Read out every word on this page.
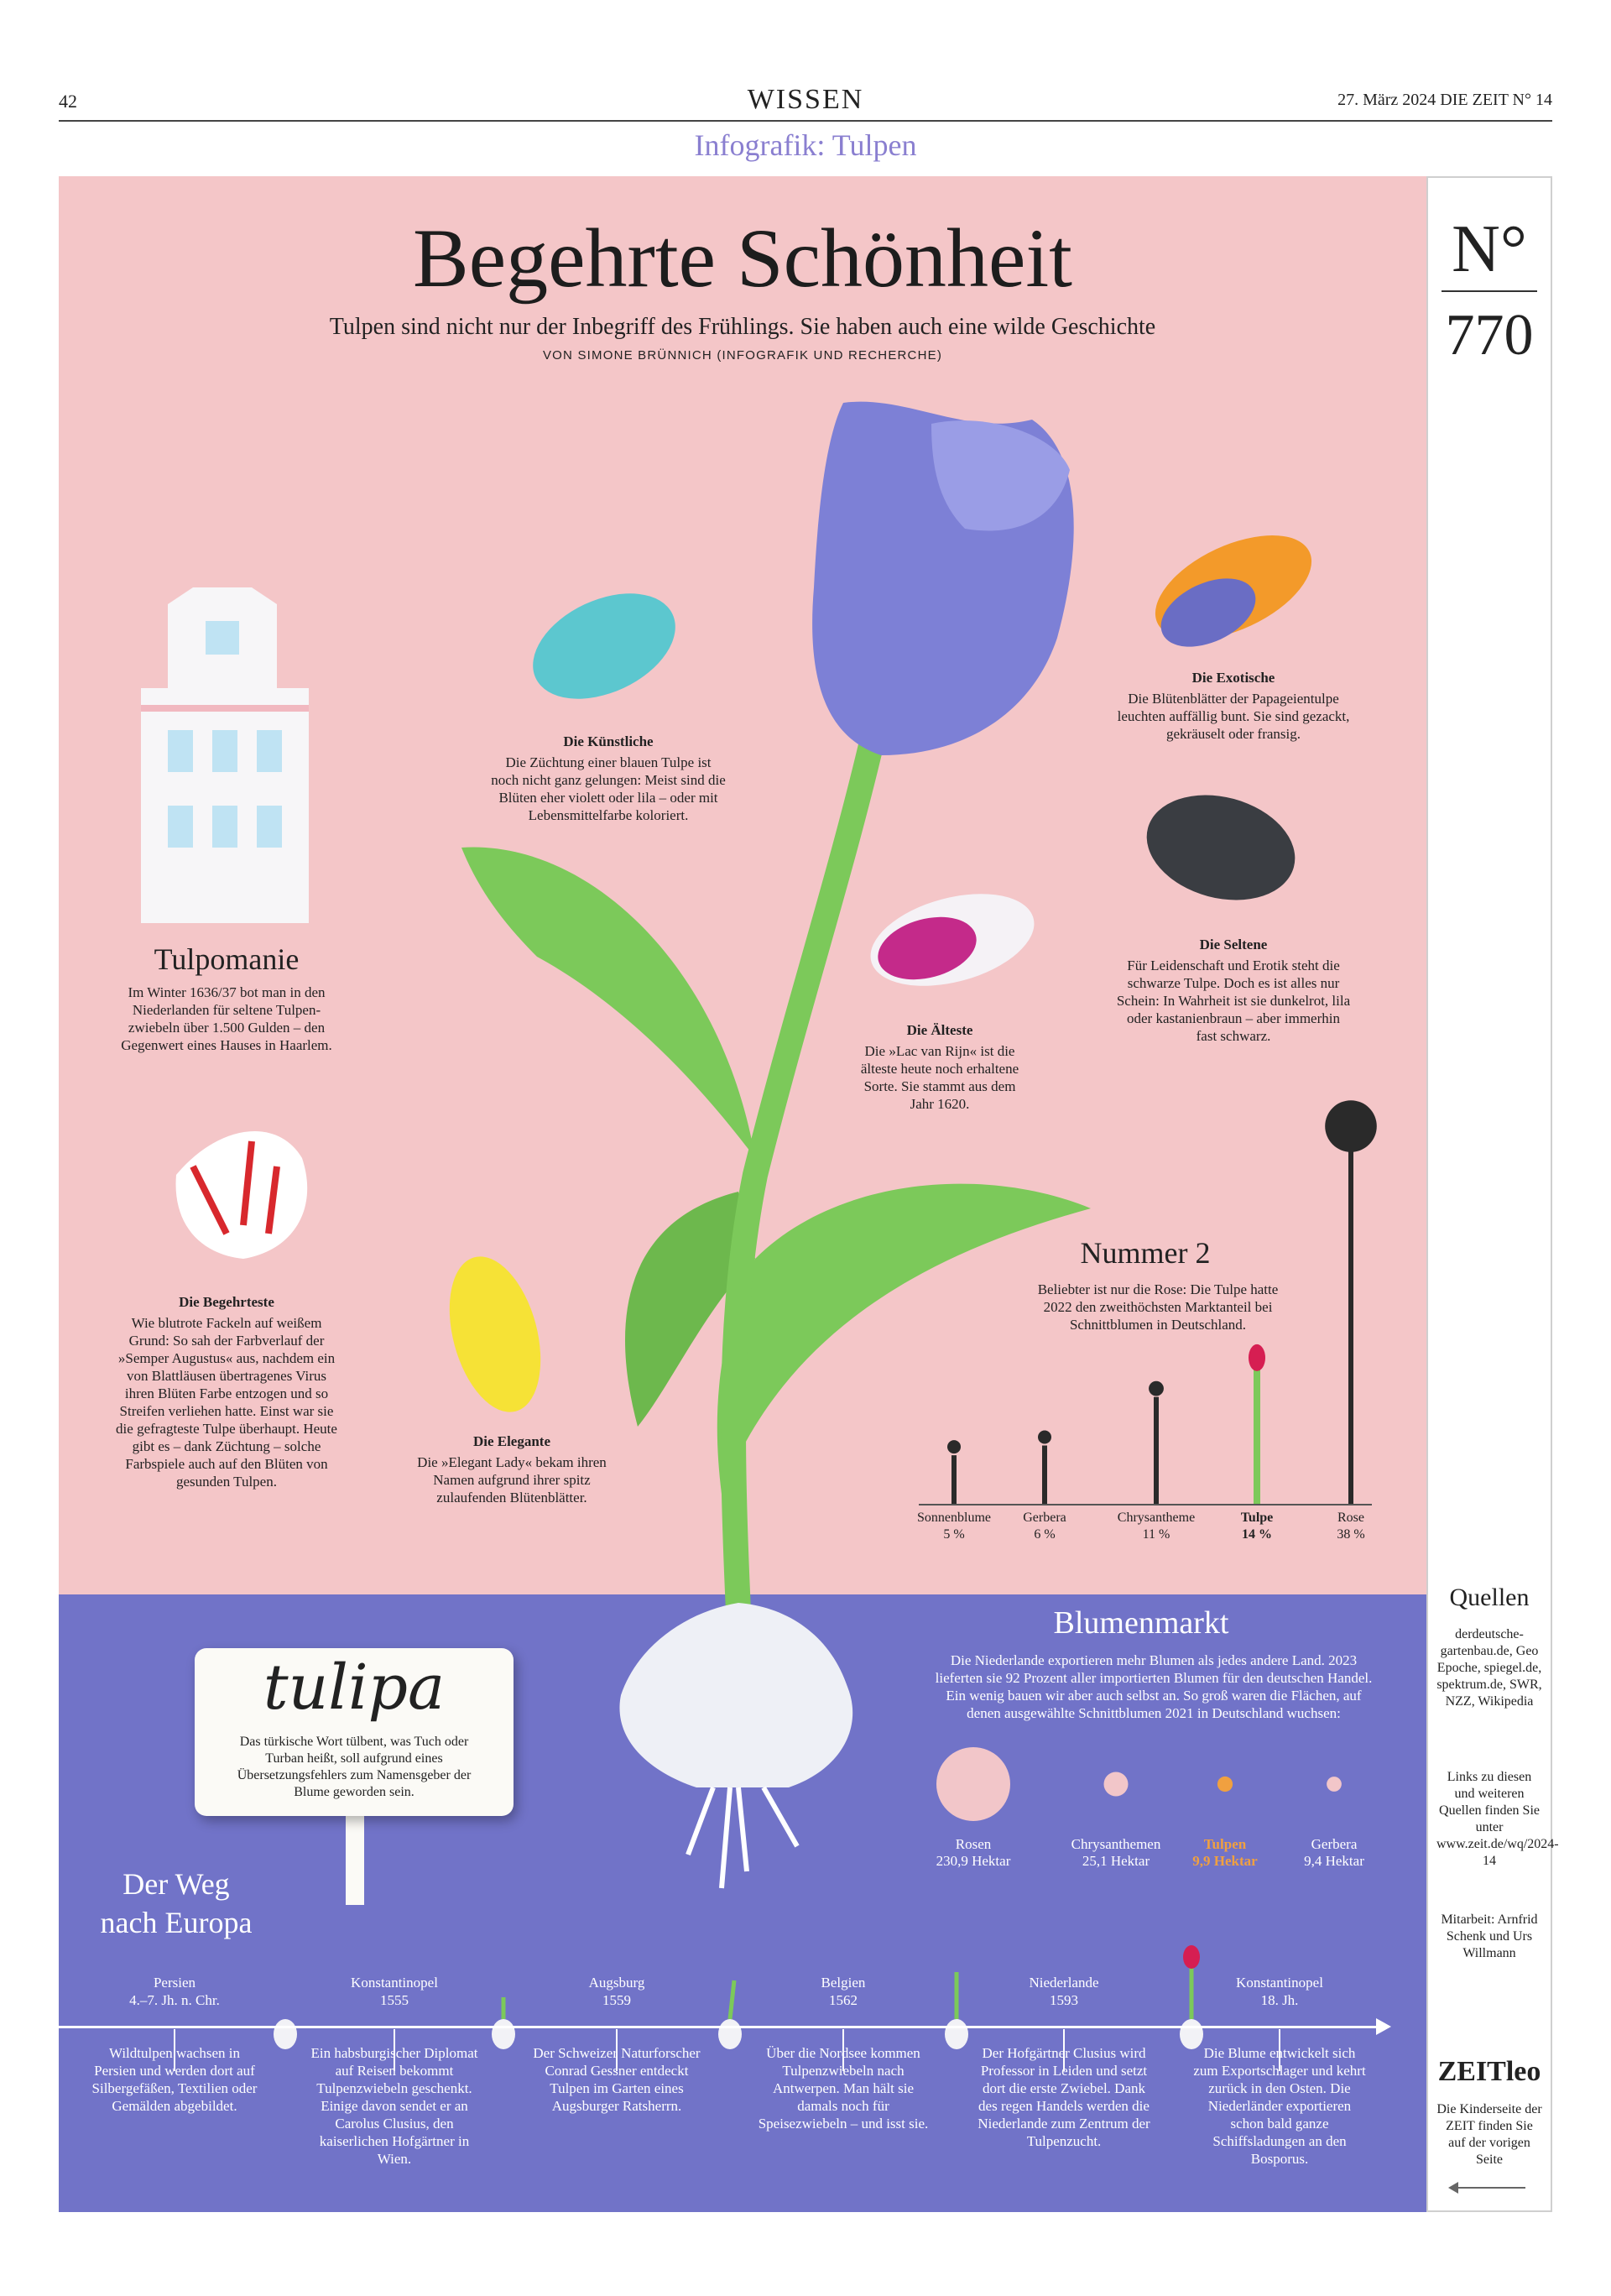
42	WISSEN	27. März 2024 DIE ZEIT N° 14
Infografik: Tulpen
N°
770
Quellen
derdeutsche-gartenbau.de, Geo Epoche, spiegel.de, spektrum.de, SWR, NZZ, Wikipedia
Links zu diesen und weiteren Quellen finden Sie unter www.zeit.de/wq/2024-14
Mitarbeit: Arnfrid Schenk und Urs Willmann
ZEITleo
Die Kinderseite der ZEIT finden Sie auf der vorigen Seite
Begehrte Schönheit
Tulpen sind nicht nur der Inbegriff des Frühlings. Sie haben auch eine wilde Geschichte
VON SIMONE BRÜNNICH (INFOGRAFIK UND RECHERCHE)
Tulpomanie
Im Winter 1636/37 bot man in den Niederlanden für seltene Tulpen-zwiebeln über 1.500 Gulden – den Gegenwert eines Hauses in Haarlem.
Die Künstliche
Die Züchtung einer blauen Tulpe ist noch nicht ganz gelungen: Meist sind die Blüten eher violett oder lila – oder mit Lebensmittelfarbe koloriert.
Die Exotische
Die Blütenblätter der Papageientulpe leuchten auffällig bunt. Sie sind gezackt, gekräuselt oder fransig.
Die Seltene
Für Leidenschaft und Erotik steht die schwarze Tulpe. Doch es ist alles nur Schein: In Wahrheit ist sie dunkelrot, lila oder kastanienbraun – aber immerhin fast schwarz.
Die Älteste
Die »Lac van Rijn« ist die älteste heute noch erhaltene Sorte. Sie stammt aus dem Jahr 1620.
Die Begehrteste
Wie blutrote Fackeln auf weißem Grund: So sah der Farbverlauf der »Semper Augustus« aus, nachdem ein von Blattläusen übertragenes Virus ihren Blüten Farbe entzogen und so Streifen verliehen hatte. Einst war sie die gefragteste Tulpe überhaupt. Heute gibt es – dank Züchtung – solche Farbspiele auch auf den Blüten von gesunden Tulpen.
Die Elegante
Die »Elegant Lady« bekam ihren Namen aufgrund ihrer spitz zulaufenden Blütenblätter.
Nummer 2
Beliebter ist nur die Rose: Die Tulpe hatte 2022 den zweithöchsten Marktanteil bei Schnittblumen in Deutschland.
Sonnenblume
5 %
Gerbera
6 %
Chrysantheme
11 %
Tulpe
14 %
Rose
38 %
Blumenmarkt
Die Niederlande exportieren mehr Blumen als jedes andere Land. 2023 lieferten sie 92 Prozent aller importierten Blumen für den deutschen Handel. Ein wenig bauen wir aber auch selbst an. So groß waren die Flächen, auf denen ausgewählte Schnittblumen 2021 in Deutschland wuchsen:
Rosen
230,9 Hektar
Chrysanthemen
25,1 Hektar
Tulpen
9,9 Hektar
Gerbera
9,4 Hektar
tulipa
Das türkische Wort tülbent, was Tuch oder Turban heißt, soll aufgrund eines Übersetzungsfehlers zum Namensgeber der Blume geworden sein.
Der Weg
nach Europa
Persien
4.–7. Jh. n. Chr.
Wildtulpen wachsen in Persien und werden dort auf Silbergefäßen, Textilien oder Gemälden abgebildet.
Konstantinopel
1555
Ein habsburgischer Diplomat auf Reisen bekommt Tulpenzwiebeln geschenkt. Einige davon sendet er an Carolus Clusius, den kaiserlichen Hofgärtner in Wien.
Augsburg
1559
Der Schweizer Naturforscher Conrad Gessner entdeckt Tulpen im Garten eines Augsburger Ratsherrn.
Belgien
1562
Über die Nordsee kommen Tulpenzwiebeln nach Antwerpen. Man hält sie damals noch für Speisezwiebeln – und isst sie.
Niederlande
1593
Der Hofgärtner Clusius wird Professor in Leiden und setzt dort die erste Zwiebel. Dank des regen Handels werden die Niederlande zum Zentrum der Tulpenzucht.
Konstantinopel
18. Jh.
Die Blume entwickelt sich zum Exportschlager und kehrt zurück in den Osten. Die Niederländer exportieren schon bald ganze Schiffsladungen an den Bosporus.
